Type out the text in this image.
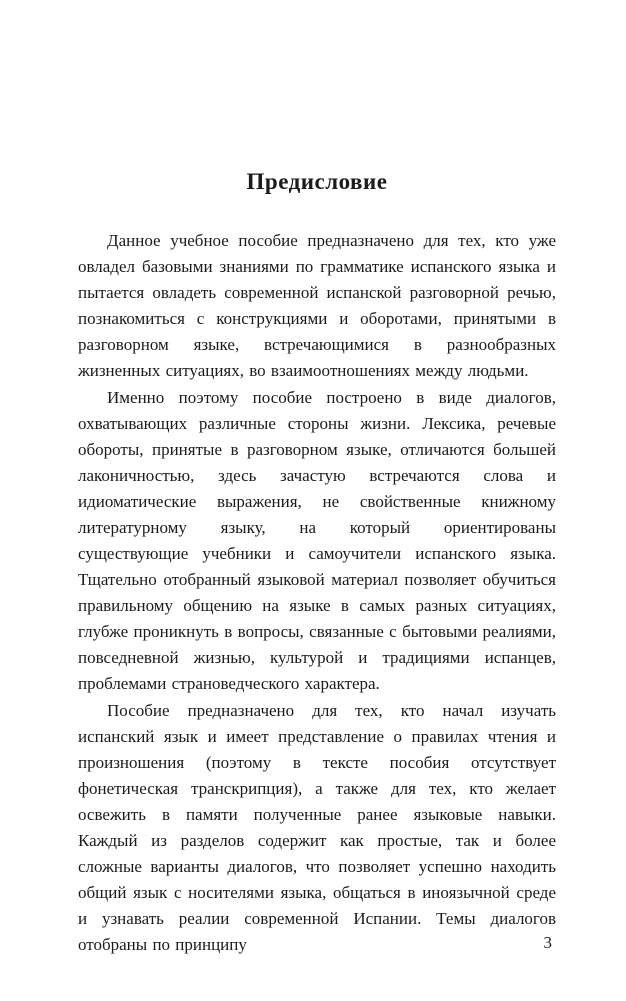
Предисловие

Данное учебное пособие предназначено для тех, кто уже овладел базовыми знаниями по грамматике испанского языка и пытается овладеть современной испанской разговорной речью, познакомиться с конструкциями и оборотами, принятыми в разговорном языке, встречающимися в разнообразных жизненных ситуациях, во взаимоотношениях между людьми.

Именно поэтому пособие построено в виде диалогов, охватывающих различные стороны жизни. Лексика, речевые обороты, принятые в разговорном языке, отличаются большей лаконичностью, здесь зачастую встречаются слова и идиоматические выражения, не свойственные книжному литературному языку, на который ориентированы существующие учебники и самоучители испанского языка. Тщательно отобранный языковой материал позволяет обучиться правильному общению на языке в самых разных ситуациях, глубже проникнуть в вопросы, связанные с бытовыми реалиями, повседневной жизнью, культурой и традициями испанцев, проблемами страноведческого характера.

Пособие предназначено для тех, кто начал изучать испанский язык и имеет представление о правилах чтения и произношения (поэтому в тексте пособия отсутствует фонетическая транскрипция), а также для тех, кто желает освежить в памяти полученные ранее языковые навыки. Каждый из разделов содержит как простые, так и более сложные варианты диалогов, что позволяет успешно находить общий язык с носителями языка, общаться в иноязычной среде и узнавать реалии современной Испании. Темы диалогов отобраны по принципу	3
